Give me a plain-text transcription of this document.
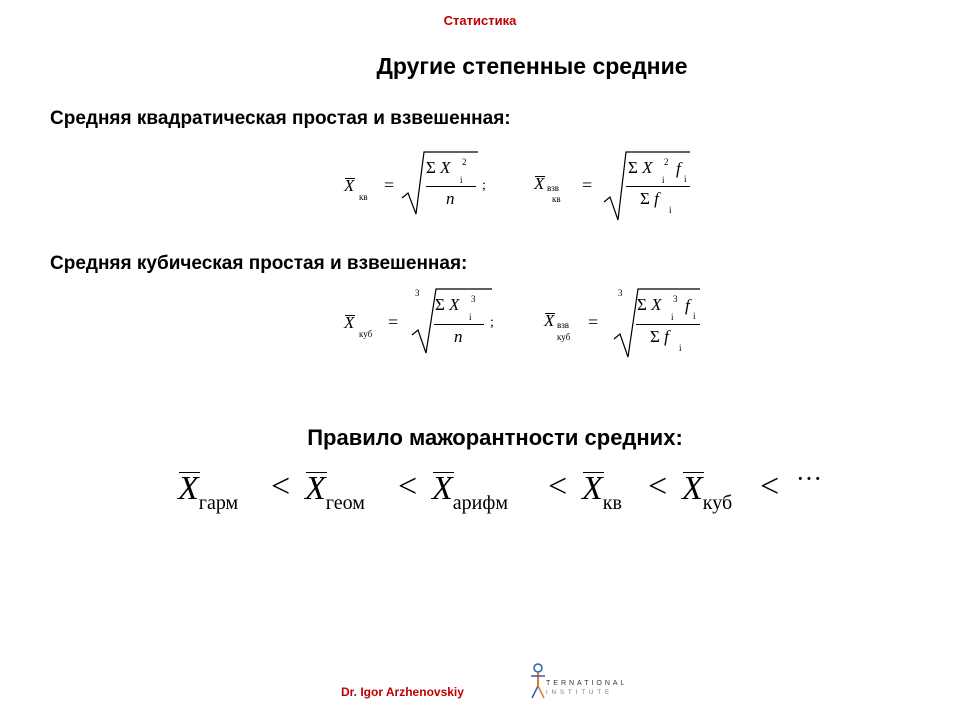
Статистика
Другие степенные средние
Средняя квадратическая простая и взвешенная:
X
кв
=
Σ X
i
2
n
;	X взв
кв
=
Σ X
i
2 f
i
Σ f
i
Средняя кубическая простая и взвешенная:
X
куб
=
3
Σ X
i
3
n
;	X взв
куб
=
3
Σ X
i
3 f
i
Σ f
i
Правило мажорантности средних:
$X_{гарм} < X_{геом} < X_{арифм} < X_{кв} < X_{куб}$ < ···
Dr. Igor Arzhenovskiy
TERNATIONAL
INSTITUTE
